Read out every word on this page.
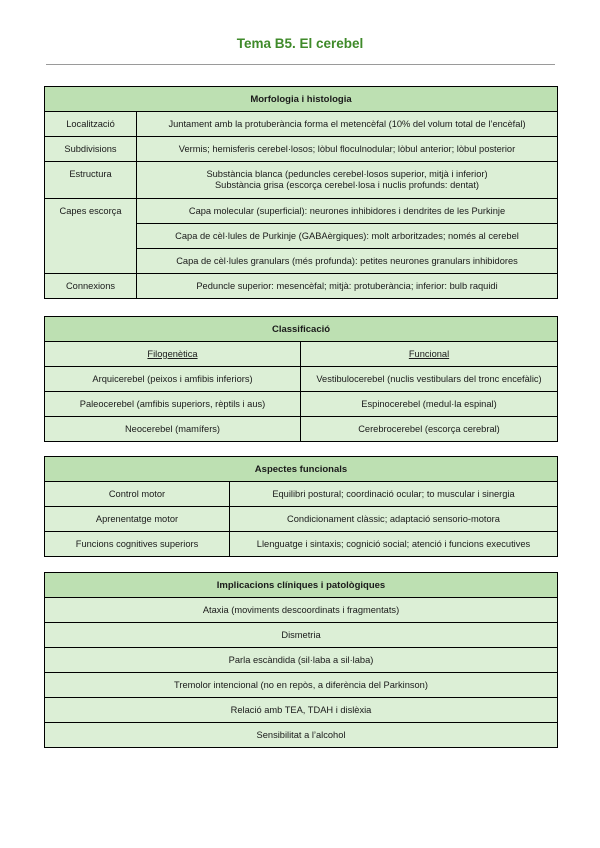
Tema B5. El cerebel
Morfologia i histologia	
Localització	Juntament amb la protuberància forma el metencèfal (10% del volum total de l’encèfal)
Subdivisions	Vermis; hemisferis cerebel·losos; lòbul floculnodular; lòbul anterior; lòbul posterior
Estructura	Substància blanca (peduncles cerebel·losos superior, mitjà i inferior)
Substància grisa (escorça cerebel·losa i nuclis profunds: dentat)

Capes escorça	Capa molecular (superficial): neurones inhibidores i dendrites de les Purkinje
	Capa de cèl·lules de Purkinje (GABAèrgiques): molt arboritzades; només al cerebel
	Capa de cèl·lules granulars (més profunda): petites neurones granulars inhibidores
Connexions	Peduncle superior: mesencèfal; mitjà: protuberància; inferior: bulb raquidi
Classificació	
Filogenètica	Funcional
Arquicerebel (peixos i amfibis inferiors)	Vestibulocerebel (nuclis vestibulars del tronc encefàlic)
Paleocerebel (amfibis superiors, rèptils i aus)	Espinocerebel (medul·la espinal)
Neocerebel (mamífers)	Cerebrocerebel (escorça cerebral)
Aspectes funcionals	
Control motor	Equilibri postural; coordinació ocular; to muscular i sinergia
Aprenentatge motor	Condicionament clàssic; adaptació sensorio-motora
Funcions cognitives superiors	Llenguatge i sintaxis; cognició social; atenció i funcions executives
Implicacions clíniques i patològiques
Ataxia (moviments descoordinats i fragmentats)
Dismetria
Parla escàndida (sil·laba a sil·laba)
Tremolor intencional (no en repòs, a diferència del Parkinson)
Relació amb TEA, TDAH i dislèxia
Sensibilitat a l’alcohol
